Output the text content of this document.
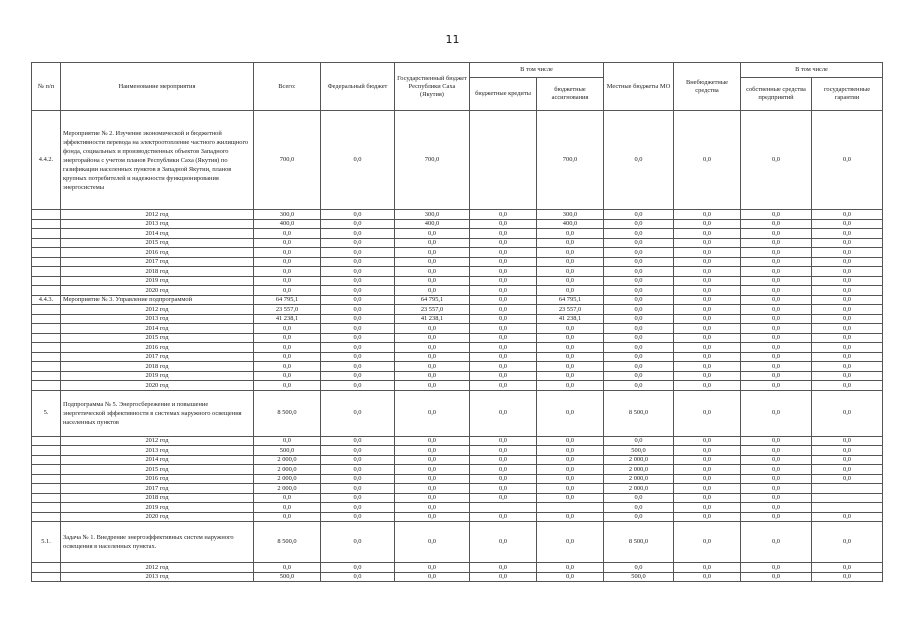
11
№ п/п	Наименование мероприятия	Всего:	Федеральный бюджет	Государственный бюджет Республики Саха (Якутия)	В том числе		Местные бюджеты МО	Внебюджетные средства	В том числе	
					бюджетные кредиты	бюджетные ассигнования			собственные средства предприятий	государственные гарантии
4.4.2.	Мероприятие № 2. Изучение экономической и бюджетной эффективности перевода на электроотопление частного жилищного фонда, социальных и производственных объектов Западного энергорайона с учетом планов Республики Саха (Якутия) по газификации населенных пунктов в Западной Якутии, планов крупных потребителей и надежности функционирования энергосистемы	700,0	0,0	700,0		700,0	0,0	0,0	0,0	0,0
	2012 год	300,0	0,0	300,0	0,0	300,0	0,0	0,0	0,0	0,0
	2013 год	400,0	0,0	400,0	0,0	400,0	0,0	0,0	0,0	0,0
	2014 год	0,0	0,0	0,0	0,0	0,0	0,0	0,0	0,0	0,0
	2015 год	0,0	0,0	0,0	0,0	0,0	0,0	0,0	0,0	0,0
	2016 год	0,0	0,0	0,0	0,0	0,0	0,0	0,0	0,0	0,0
	2017 год	0,0	0,0	0,0	0,0	0,0	0,0	0,0	0,0	0,0
	2018 год	0,0	0,0	0,0	0,0	0,0	0,0	0,0	0,0	0,0
	2019 год	0,0	0,0	0,0	0,0	0,0	0,0	0,0	0,0	0,0
	2020 год	0,0	0,0	0,0	0,0	0,0	0,0	0,0	0,0	0,0
4.4.3.	Мероприятие № 3. Управление подпрограммой	64 795,1	0,0	64 795,1	0,0	64 795,1	0,0	0,0	0,0	0,0
	2012 год	23 557,0	0,0	23 557,0	0,0	23 557,0	0,0	0,0	0,0	0,0
	2013 год	41 238,1	0,0	41 238,1	0,0	41 238,1	0,0	0,0	0,0	0,0
	2014 год	0,0	0,0	0,0	0,0	0,0	0,0	0,0	0,0	0,0
	2015 год	0,0	0,0	0,0	0,0	0,0	0,0	0,0	0,0	0,0
	2016 год	0,0	0,0	0,0	0,0	0,0	0,0	0,0	0,0	0,0
	2017 год	0,0	0,0	0,0	0,0	0,0	0,0	0,0	0,0	0,0
	2018 год	0,0	0,0	0,0	0,0	0,0	0,0	0,0	0,0	0,0
	2019 год	0,0	0,0	0,0	0,0	0,0	0,0	0,0	0,0	0,0
	2020 год	0,0	0,0	0,0	0,0	0,0	0,0	0,0	0,0	0,0
5.	Подпрограмма № 5. Энергосбережение и повышение энергетической эффективности в системах наружного освещения населенных пунктов	8 500,0	0,0	0,0	0,0	0,0	8 500,0	0,0	0,0	0,0
	2012 год	0,0	0,0	0,0	0,0	0,0	0,0	0,0	0,0	0,0
	2013 год	500,0	0,0	0,0	0,0	0,0	500,0	0,0	0,0	0,0
	2014 год	2 000,0	0,0	0,0	0,0	0,0	2 000,0	0,0	0,0	0,0
	2015 год	2 000,0	0,0	0,0	0,0	0,0	2 000,0	0,0	0,0	0,0
	2016 год	2 000,0	0,0	0,0	0,0	0,0	2 000,0	0,0	0,0	0,0
	2017 год	2 000,0	0,0	0,0	0,0	0,0	2 000,0	0,0	0,0	
	2018 год	0,0	0,0	0,0	0,0	0,0	0,0	0,0	0,0	
	2019 год	0,0	0,0	0,0			0,0	0,0	0,0	
	2020 год	0,0	0,0	0,0	0,0	0,0	0,0	0,0	0,0	0,0
5.1.	Задача № 1. Внедрение энергоэффективных систем наружного освещения в населенных пунктах.	8 500,0	0,0	0,0	0,0	0,0	8 500,0	0,0	0,0	0,0
	2012 год	0,0	0,0	0,0	0,0	0,0	0,0	0,0	0,0	0,0
	2013 год	500,0	0,0	0,0	0,0	0,0	500,0	0,0	0,0	0,0
